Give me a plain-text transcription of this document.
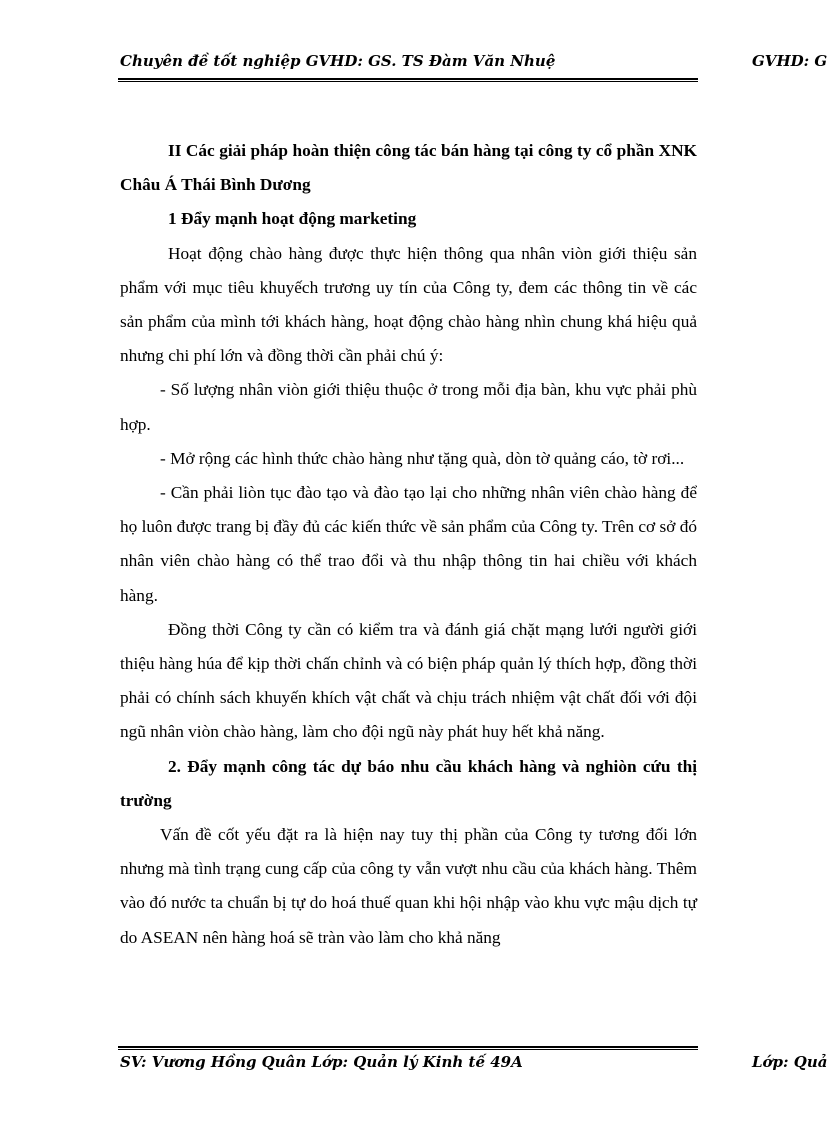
Chuyên đề tốt nghiệp GVHD: GS. TS Đàm Văn Nhuệ	GVHD: G

II Các giải pháp hoàn thiện công tác bán hàng tại công ty cổ phần XNK Châu Á Thái Bình Dương

1 Đẩy mạnh hoạt động marketing

Hoạt động chào hàng được thực hiện thông qua nhân viòn giới thiệu sản phẩm với mục tiêu khuyếch trương uy tín của Công ty, đem các thông tin về các sản phẩm của mình tới khách hàng, hoạt động chào hàng nhìn chung khá hiệu quả nhưng chi phí lớn và đồng thời cần phải chú ý:

- Số lượng nhân viòn giới thiệu thuộc ở trong mỗi địa bàn, khu vực phải phù hợp.

- Mở rộng các hình thức chào hàng như tặng quà, dòn tờ quảng cáo, tờ rơi...

- Cần phải liòn tục đào tạo và đào tạo lại cho những nhân viên chào hàng để họ luôn được trang bị đầy đủ các kiến thức về sản phẩm của Công ty. Trên cơ sở đó nhân viên chào hàng có thể trao đổi và thu nhập thông tin hai chiều với khách hàng.

Đồng thời Công ty cần có kiểm tra và đánh giá chặt mạng lưới người giới thiệu hàng húa để kịp thời chấn chỉnh và có biện pháp quản lý thích hợp, đồng thời phải có chính sách khuyến khích vật chất và chịu trách nhiệm vật chất đối với đội ngũ nhân viòn chào hàng, làm cho đội ngũ này phát huy hết khả năng.

2. Đẩy mạnh công tác dự báo nhu cầu khách hàng và nghiòn cứu thị trường

Vấn đề cốt yếu đặt ra là hiện nay tuy thị phần của Công ty tương đối lớn nhưng mà tình trạng cung cấp của công ty vẫn vượt nhu cầu của khách hàng. Thêm vào đó nước ta chuẩn bị tự do hoá thuế quan khi hội nhập vào khu vực mậu dịch tự do ASEAN nên hàng hoá sẽ tràn vào làm cho khả năng

SV: Vương Hồng Quân Lớp: Quản lý Kinh tế 49A	Lớp: Quả
